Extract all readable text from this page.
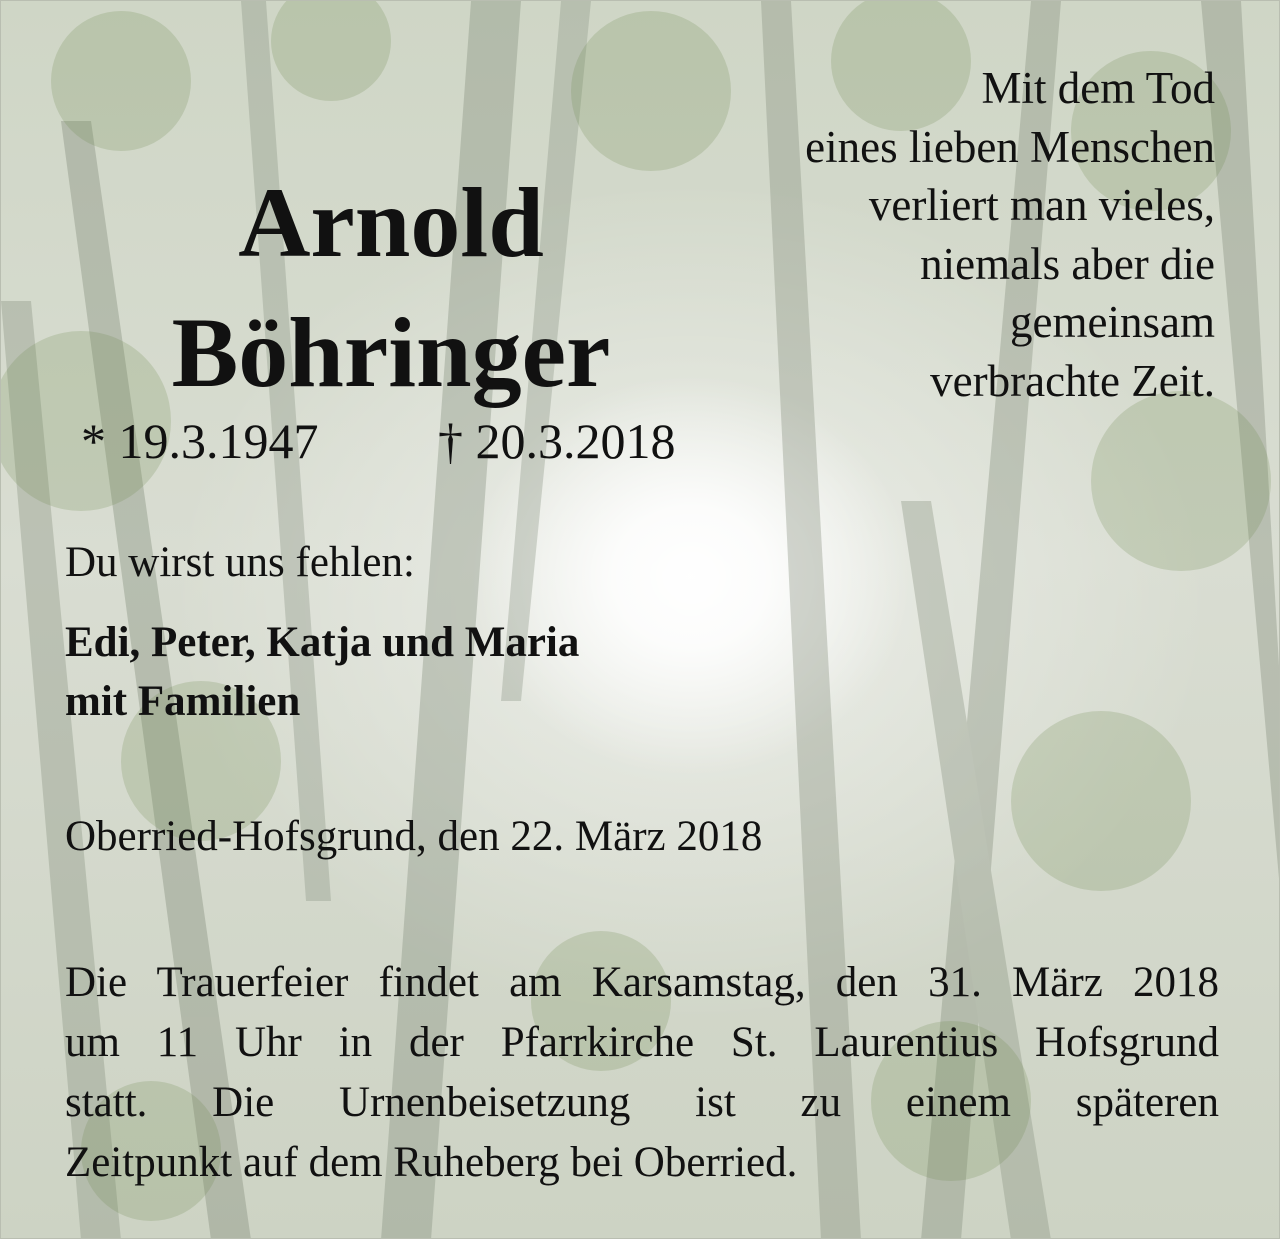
Arnold
Böhringer
* 19.3.1947 † 20.3.2018
Mit dem Tod
eines lieben Menschen
verliert man vieles,
niemals aber die
gemeinsam
verbrachte Zeit.
Du wirst uns fehlen:
Edi, Peter, Katja und Maria
mit Familien
Oberried-Hofsgrund, den 22. März 2018
Die Trauerfeier findet am Karsamstag, den 31. März 2018
um 11 Uhr in der Pfarrkirche St. Laurentius Hofsgrund
statt. Die Urnenbeisetzung ist zu einem späteren
Zeitpunkt auf dem Ruheberg bei Oberried.
